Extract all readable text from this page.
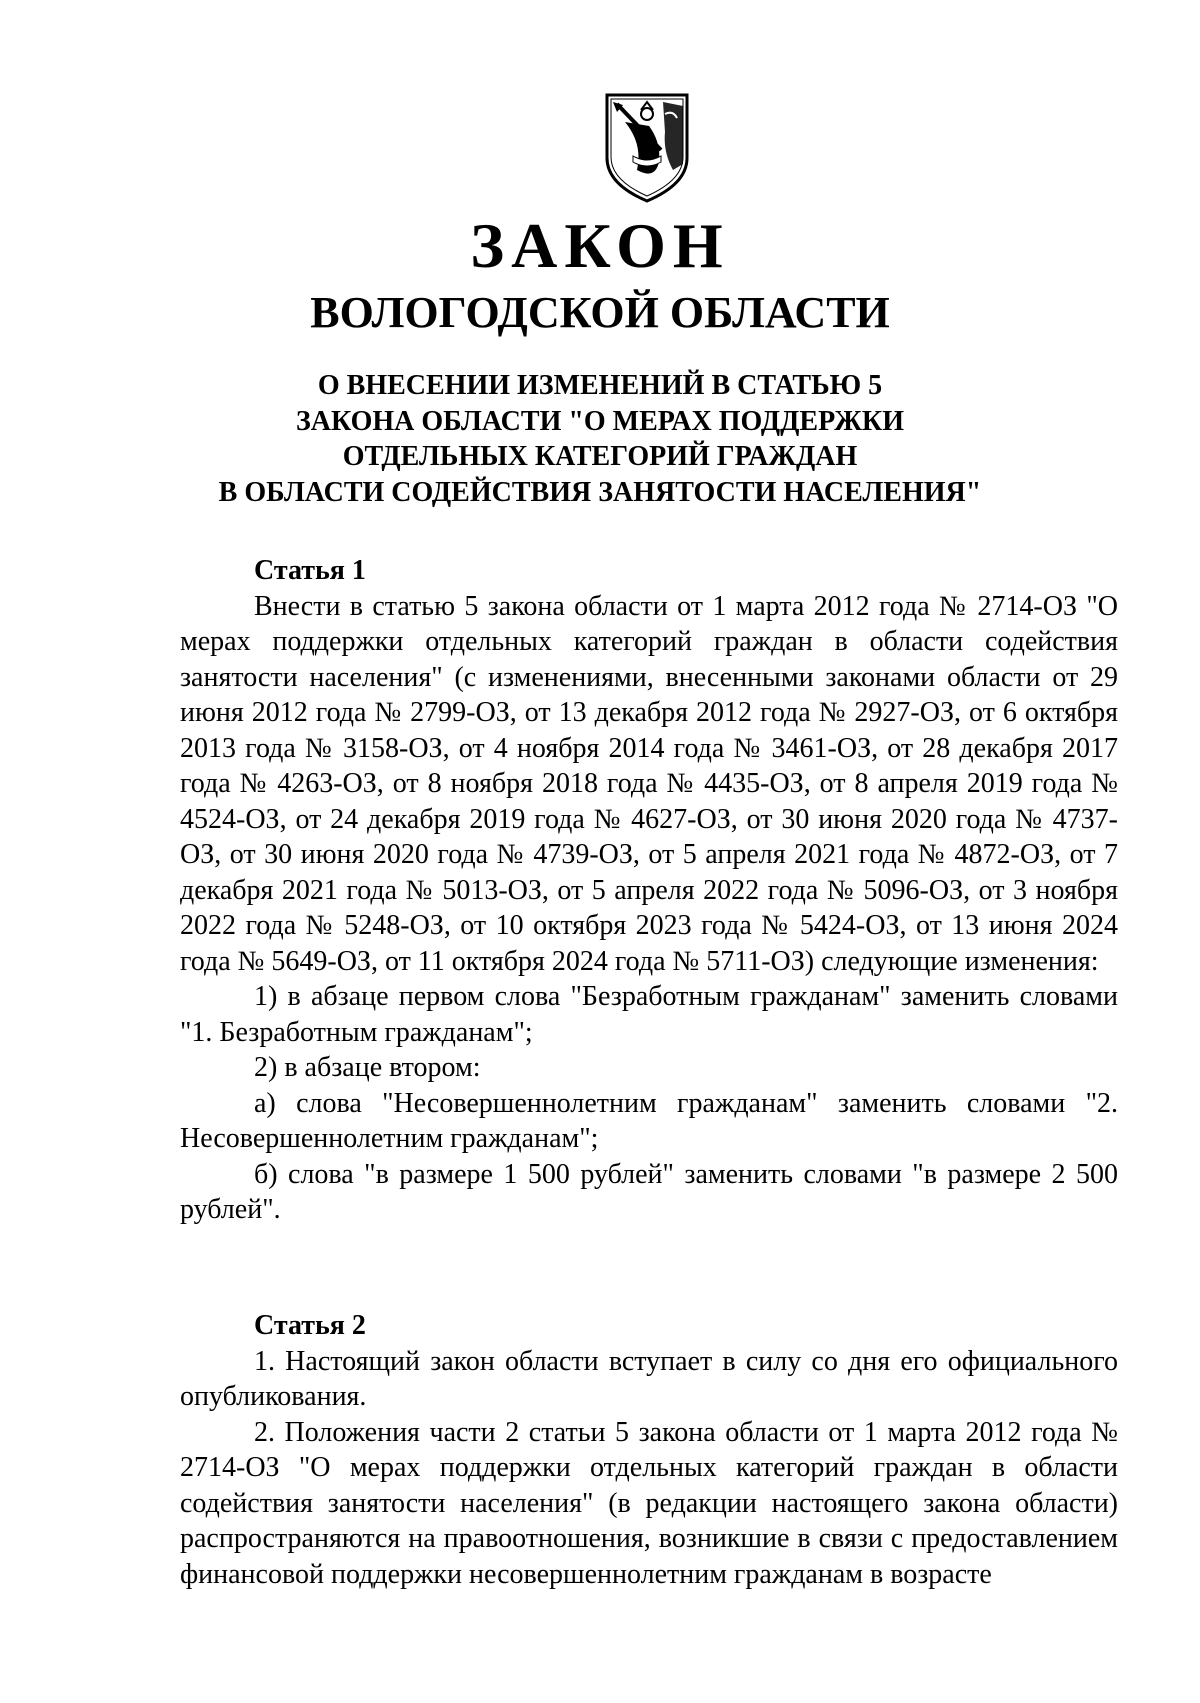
ЗАКОН
ВОЛОГОДСКОЙ ОБЛАСТИ
О ВНЕСЕНИИ ИЗМЕНЕНИЙ В СТАТЬЮ 5
ЗАКОНА ОБЛАСТИ "О МЕРАХ ПОДДЕРЖКИ
ОТДЕЛЬНЫХ КАТЕГОРИЙ ГРАЖДАН
В ОБЛАСТИ СОДЕЙСТВИЯ ЗАНЯТОСТИ НАСЕЛЕНИЯ"

Статья 1

Внести в статью 5 закона области от 1 марта 2012 года № 2714-ОЗ "О мерах поддержки отдельных категорий граждан в области содействия занятости населения" (с изменениями, внесенными законами области от 29 июня 2012 года № 2799-ОЗ, от 13 декабря 2012 года № 2927-ОЗ, от 6 октября 2013 года № 3158-ОЗ, от 4 ноября 2014 года № 3461-ОЗ, от 28 декабря 2017 года № 4263-ОЗ, от 8 ноября 2018 года № 4435-ОЗ, от 8 апреля 2019 года № 4524-ОЗ, от 24 декабря 2019 года № 4627-ОЗ, от 30 июня 2020 года № 4737-ОЗ, от 30 июня 2020 года № 4739-ОЗ, от 5 апреля 2021 года № 4872-ОЗ, от 7 декабря 2021 года № 5013-ОЗ, от 5 апреля 2022 года № 5096-ОЗ, от 3 ноября 2022 года № 5248-ОЗ, от 10 октября 2023 года № 5424-ОЗ, от 13 июня 2024 года № 5649-ОЗ, от 11 октября 2024 года № 5711-ОЗ) следующие изменения:

1) в абзаце первом слова "Безработным гражданам" заменить словами "1. Безработным гражданам";

2) в абзаце втором:

а) слова "Несовершеннолетним гражданам" заменить словами "2. Несовершеннолетним гражданам";

б) слова "в размере 1 500 рублей" заменить словами "в размере 2 500 рублей".

Статья 2

1. Настоящий закон области вступает в силу со дня его официального опубликования.

2. Положения части 2 статьи 5 закона области от 1 марта 2012 года № 2714-ОЗ "О мерах поддержки отдельных категорий граждан в области содействия занятости населения" (в редакции настоящего закона области) распространяются на правоотношения, возникшие в связи с предоставлением финансовой поддержки несовершеннолетним гражданам в возрасте
